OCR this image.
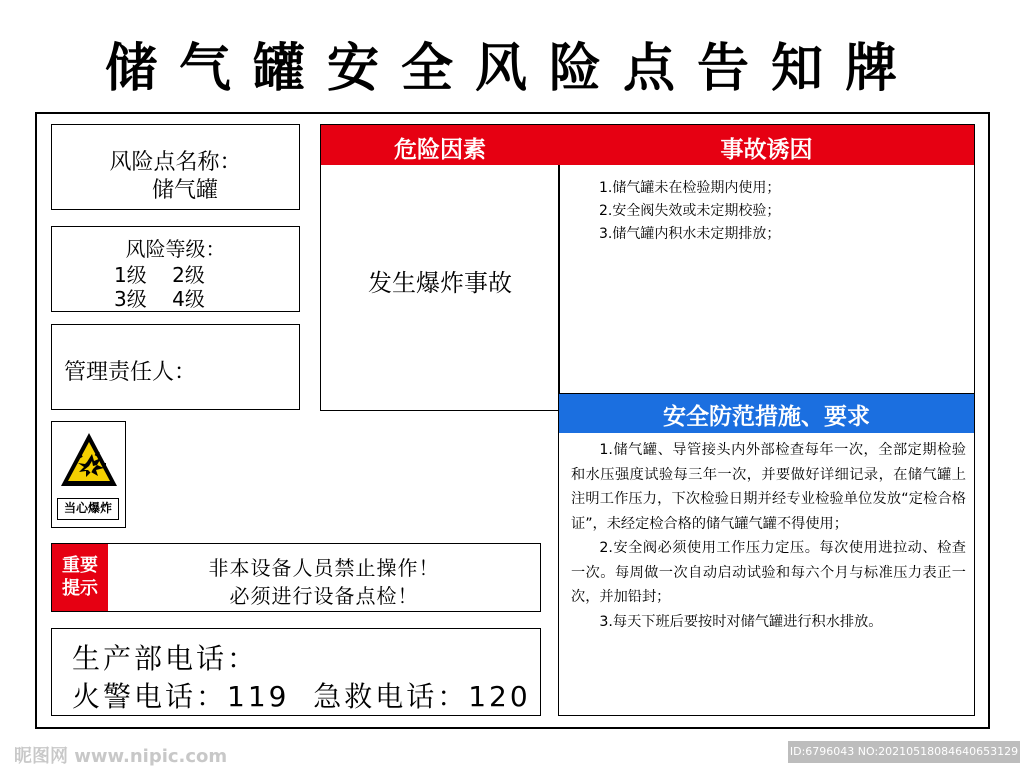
储气罐安全风险点告知牌
风险点名称：
储气罐
风险等级：
1级    2级
3级    4级
管理责任人：
当心爆炸
危险因素	事故诱因
发生爆炸事故
1.储气罐未在检验期内使用；
2.安全阀失效或未定期校验；
3.储气罐内积水未定期排放；
安全防范措施、要求

1.储气罐、导管接头内外部检查每年一次，全部定期检验和水压强度试验每三年一次，并要做好详细记录，在储气罐上注明工作压力，下次检验日期并经专业检验单位发放“定检合格证”，未经定检合格的储气罐气罐不得使用；

2.安全阀必须使用工作压力定压。每次使用进拉动、检查一次。每周做一次自动启动试验和每六个月与标准压力表正一次，并加铅封；

3.每天下班后要按时对储气罐进行积水排放。

重要
提示
非本设备人员禁止操作！
必须进行设备点检！
生产部电话：
火警电话：119  急救电话：120
昵图网 www.nipic.com	ID:6796043 NO:20210518084640653129
